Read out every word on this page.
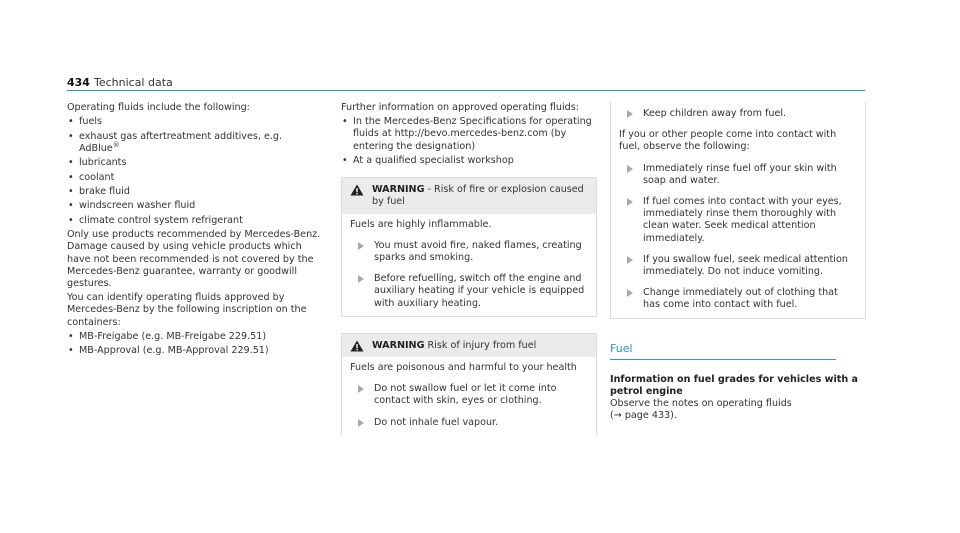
434 Technical data

Operating fluids include the following:

• fuels
• exhaust gas aftertreatment additives, e.g. AdBlue®
• lubricants
• coolant
• brake fluid
• windscreen washer fluid
• climate control system refrigerant

Only use products recommended by Mercedes-Benz. Damage caused by using vehicle products which have not been recommended is not covered by the Mercedes-Benz guarantee, warranty or goodwill gestures.

You can identify operating fluids approved by Mercedes-Benz by the following inscription on the containers:

• MB-Freigabe (e.g. MB-Freigabe 229.51)
• MB-Approval (e.g. MB-Approval 229.51)

Further information on approved operating fluids:

• In the Mercedes-Benz Specifications for operating fluids at http://bevo.mercedes-benz.com (by entering the designation)
• At a qualified specialist workshop
WARNING - Risk of fire or explosion caused by fuel

Fuels are highly inflammable.

You must avoid fire, naked flames, creating sparks and smoking.
Before refuelling, switch off the engine and auxiliary heating if your vehicle is equipped with auxiliary heating.
WARNING Risk of injury from fuel

Fuels are poisonous and harmful to your health

Do not swallow fuel or let it come into contact with skin, eyes or clothing.
Do not inhale fuel vapour.
Keep children away from fuel.

If you or other people come into contact with fuel, observe the following:

Immediately rinse fuel off your skin with soap and water.
If fuel comes into contact with your eyes, immediately rinse them thoroughly with clean water. Seek medical attention immediately.
If you swallow fuel, seek medical attention immediately. Do not induce vomiting.
Change immediately out of clothing that has come into contact with fuel.
Fuel

Information on fuel grades for vehicles with a petrol engine

Observe the notes on operating fluids

(→ page 433).
